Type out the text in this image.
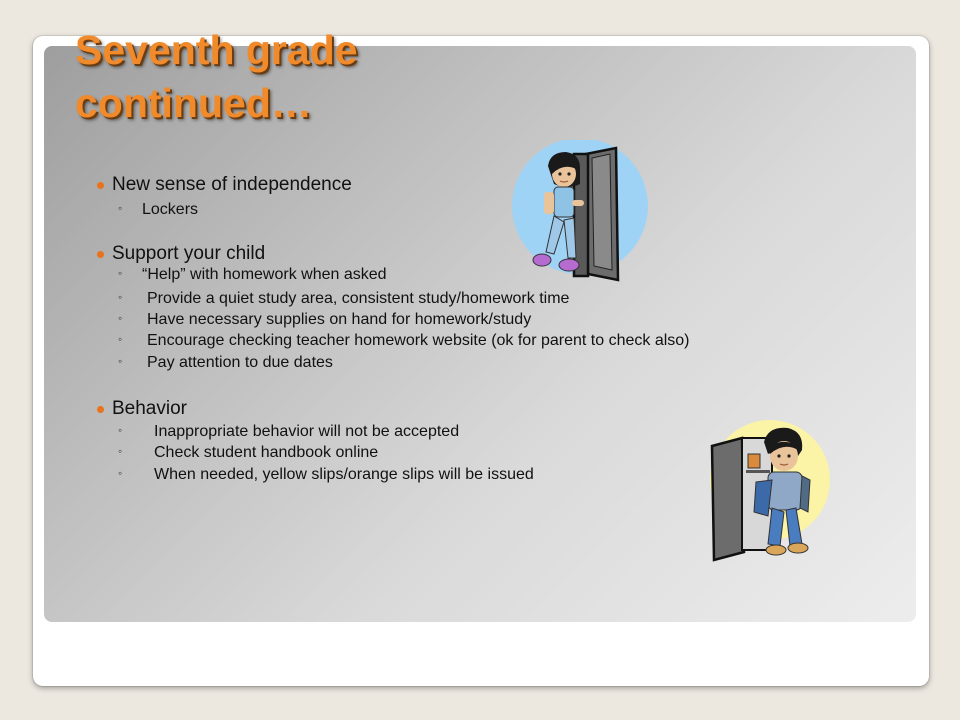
Seventh grade
continued…
New sense of independence
◦ Lockers
Support your child
◦ “Help” with homework when asked
◦ Provide a quiet study area, consistent study/homework time
◦ Have necessary supplies on hand for homework/study
◦ Encourage checking teacher homework website (ok for parent to check also)
◦ Pay attention to due dates
Behavior
◦ Inappropriate behavior will not be accepted
◦ Check student handbook online
◦ When needed, yellow slips/orange slips will be issued
